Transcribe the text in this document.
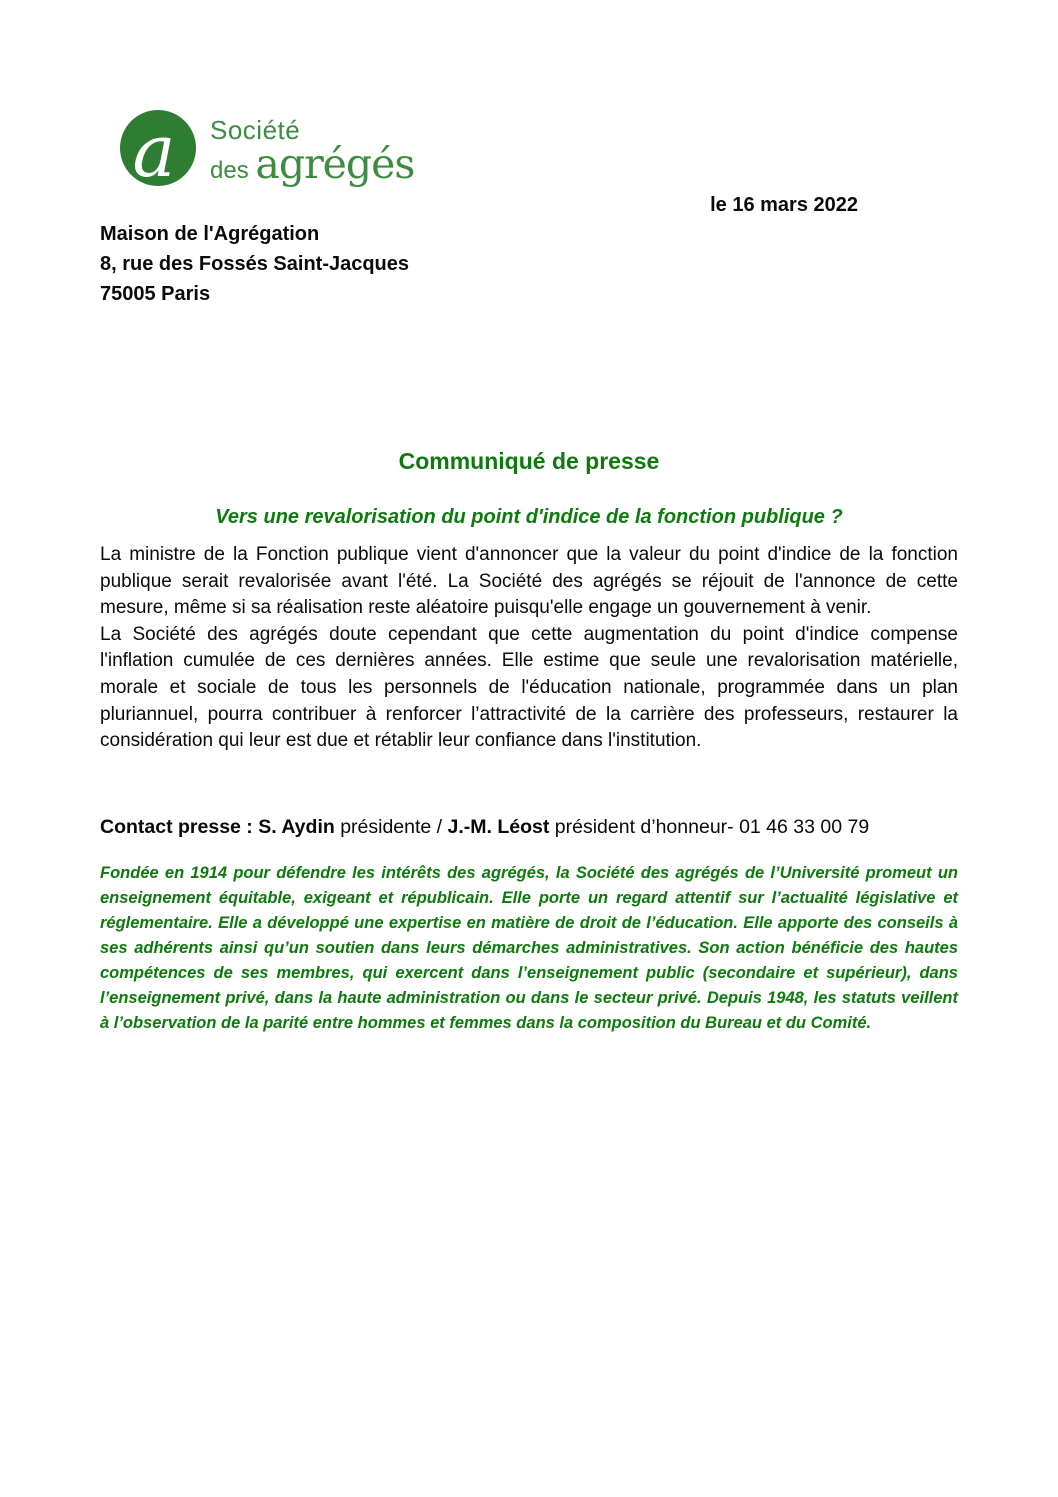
a	Société
des agrégés
le 16 mars 2022
Maison de l'Agrégation
8, rue des Fossés Saint-Jacques
75005 Paris
Communiqué de presse
Vers une revalorisation du point d'indice de la fonction publique ?

La ministre de la Fonction publique vient d'annoncer que la valeur du point d'indice de la fonction publique serait revalorisée avant l'été. La Société des agrégés se réjouit de l'annonce de cette mesure, même si sa réalisation reste aléatoire puisqu'elle engage un gouvernement à venir.

La Société des agrégés doute cependant que cette augmentation du point d'indice compense l'inflation cumulée de ces dernières années. Elle estime que seule une revalorisation matérielle, morale et sociale de tous les personnels de l'éducation nationale, programmée dans un plan pluriannuel, pourra contribuer à renforcer l’attractivité de la carrière des professeurs, restaurer la considération qui leur est due et rétablir leur confiance dans l'institution.

Contact presse : S. Aydin présidente / J.-M. Léost président d’honneur- 01 46 33 00 79

Fondée en 1914 pour défendre les intérêts des agrégés, la Société des agrégés de l’Université promeut un enseignement équitable, exigeant et républicain. Elle porte un regard attentif sur l’actualité législative et réglementaire. Elle a développé une expertise en matière de droit de l’éducation. Elle apporte des conseils à ses adhérents ainsi qu’un soutien dans leurs démarches administratives. Son action bénéficie des hautes compétences de ses membres, qui exercent dans l’enseignement public (secondaire et supérieur), dans l’enseignement privé, dans la haute administration ou dans le secteur privé. Depuis 1948, les statuts veillent à l’observation de la parité entre hommes et femmes dans la composition du Bureau et du Comité.
